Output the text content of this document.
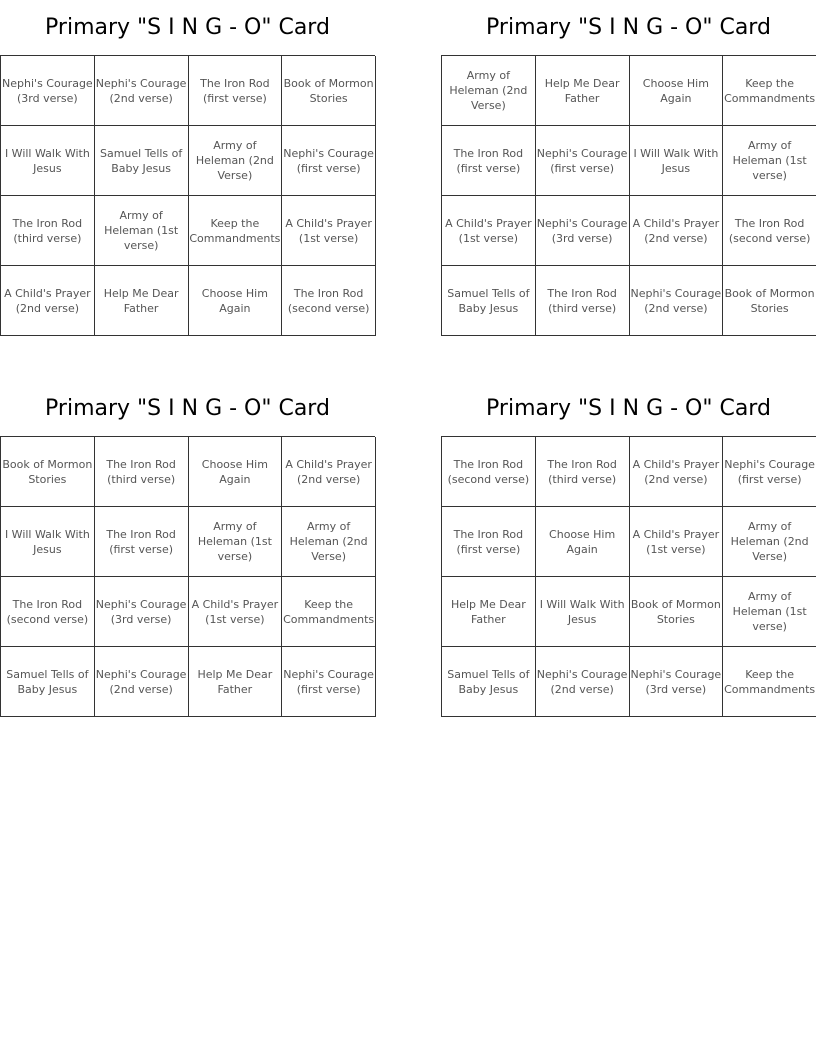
Primary "S I N G - O" Card
Nephi's Courage (3rd verse)
Nephi's Courage (2nd verse)
The Iron Rod (first verse)
Book of Mormon Stories
I Will Walk With Jesus
Samuel Tells of Baby Jesus
Army of Heleman (2nd Verse)
Nephi's Courage (first verse)
The Iron Rod (third verse)
Army of Heleman (1st verse)
Keep the Commandments
A Child's Prayer (1st verse)
A Child's Prayer (2nd verse)
Help Me Dear Father
Choose Him Again
The Iron Rod (second verse)
Primary "S I N G - O" Card
Army of Heleman (2nd Verse)
Help Me Dear Father
Choose Him Again
Keep the Commandments
The Iron Rod (first verse)
Nephi's Courage (first verse)
I Will Walk With Jesus
Army of Heleman (1st verse)
A Child's Prayer (1st verse)
Nephi's Courage (3rd verse)
A Child's Prayer (2nd verse)
The Iron Rod (second verse)
Samuel Tells of Baby Jesus
The Iron Rod (third verse)
Nephi's Courage (2nd verse)
Book of Mormon Stories
Primary "S I N G - O" Card
Book of Mormon Stories
The Iron Rod (third verse)
Choose Him Again
A Child's Prayer (2nd verse)
I Will Walk With Jesus
The Iron Rod (first verse)
Army of Heleman (1st verse)
Army of Heleman (2nd Verse)
The Iron Rod (second verse)
Nephi's Courage (3rd verse)
A Child's Prayer (1st verse)
Keep the Commandments
Samuel Tells of Baby Jesus
Nephi's Courage (2nd verse)
Help Me Dear Father
Nephi's Courage (first verse)
Primary "S I N G - O" Card
The Iron Rod (second verse)
The Iron Rod (third verse)
A Child's Prayer (2nd verse)
Nephi's Courage (first verse)
The Iron Rod (first verse)
Choose Him Again
A Child's Prayer (1st verse)
Army of Heleman (2nd Verse)
Help Me Dear Father
I Will Walk With Jesus
Book of Mormon Stories
Army of Heleman (1st verse)
Samuel Tells of Baby Jesus
Nephi's Courage (2nd verse)
Nephi's Courage (3rd verse)
Keep the Commandments
